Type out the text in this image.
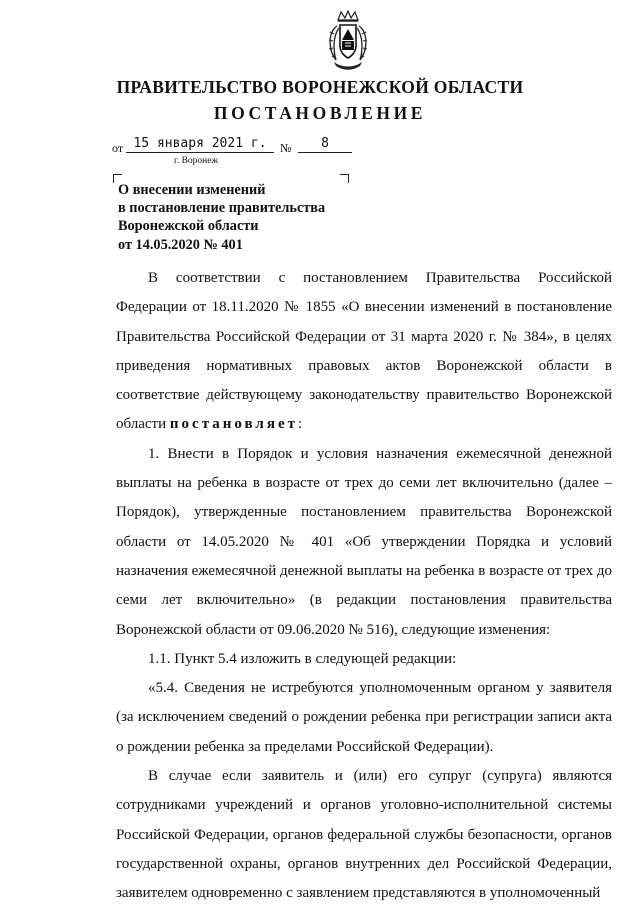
ПРАВИТЕЛЬСТВО ВОРОНЕЖСКОЙ ОБЛАСТИ
ПОСТАНОВЛЕНИЕ
от 15 января 2021 г.	№	8
г. Воронеж
О внесении изменений
в постановление правительства
Воронежской области
от 14.05.2020 № 401

В соответствии с постановлением Правительства Российской Федерации от 18.11.2020 № 1855 «О внесении изменений в постановление Правительства Российской Федерации от 31 марта 2020 г. № 384», в целях приведения нормативных правовых актов Воронежской области в соответствие действующему законодательству правительство Воронежской области постановляет:

1. Внести в Порядок и условия назначения ежемесячной денежной выплаты на ребенка в возрасте от трех до семи лет включительно (далее – Порядок), утвержденные постановлением правительства Воронежской области от 14.05.2020 № 401 «Об утверждении Порядка и условий назначения ежемесячной денежной выплаты на ребенка в возрасте от трех до семи лет включительно» (в редакции постановления правительства Воронежской области от 09.06.2020 № 516), следующие изменения:

1.1. Пункт 5.4 изложить в следующей редакции:

«5.4. Сведения не истребуются уполномоченным органом у заявителя (за исключением сведений о рождении ребенка при регистрации записи акта о рождении ребенка за пределами Российской Федерации).

В случае если заявитель и (или) его супруг (супруга) являются сотрудниками учреждений и органов уголовно-исполнительной системы Российской Федерации, органов федеральной службы безопасности, органов государственной охраны, органов внутренних дел Российской Федерации, заявителем одновременно с заявлением представляются в уполномоченный
